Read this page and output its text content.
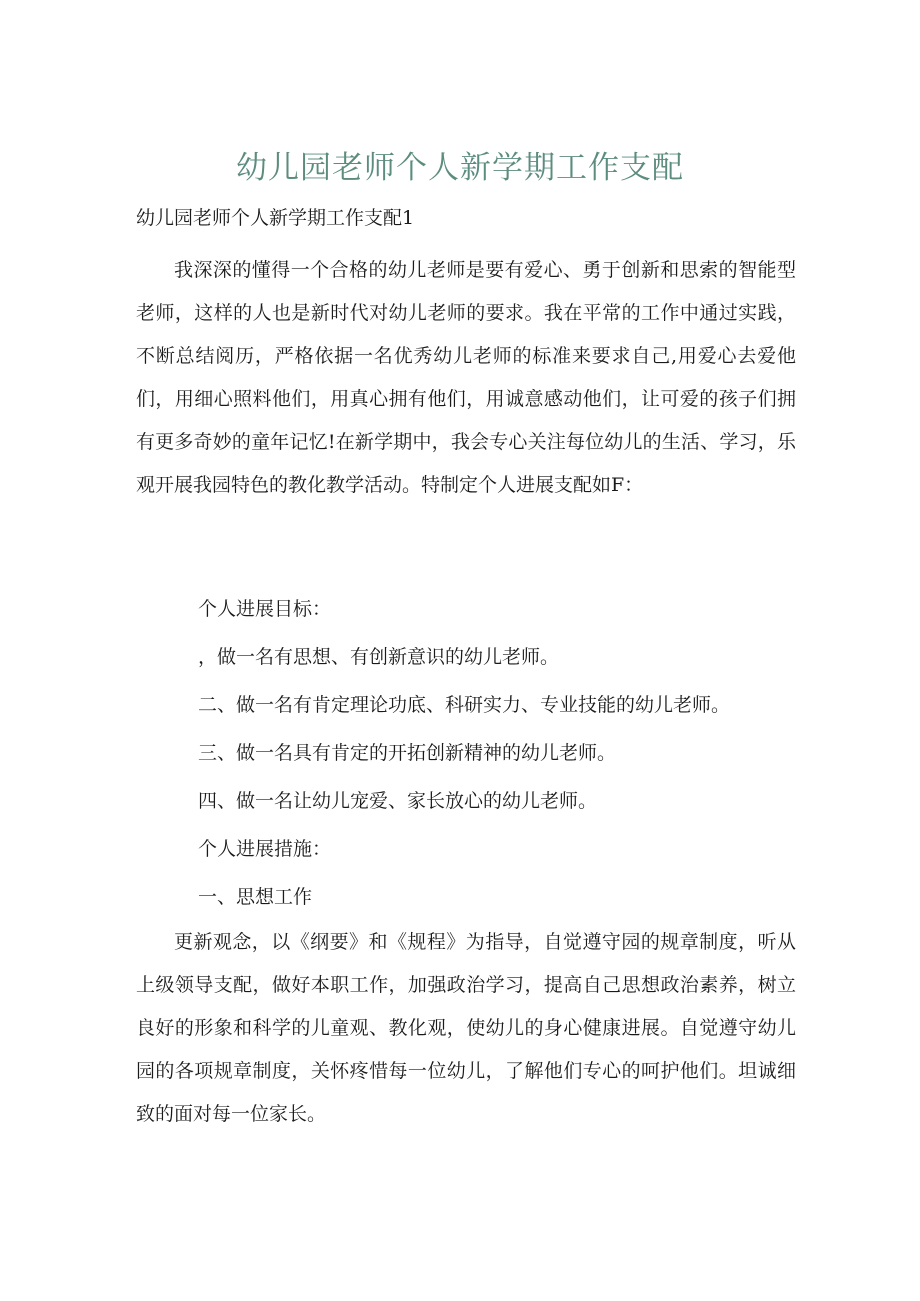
幼儿园老师个人新学期工作支配

幼儿园老师个人新学期工作支配1

我深深的懂得一个合格的幼儿老师是要有爱心、勇于创新和思索的智能型老师，这样的人也是新时代对幼儿老师的要求。我在平常的工作中通过实践，不断总结阅历，严格依据一名优秀幼儿老师的标准来要求自己,用爱心去爱他们，用细心照料他们，用真心拥有他们，用诚意感动他们，让可爱的孩子们拥有更多奇妙的童年记忆!在新学期中，我会专心关注每位幼儿的生活、学习，乐观开展我园特色的教化教学活动。特制定个人进展支配如F：

个人进展目标：

，做一名有思想、有创新意识的幼儿老师。

二、做一名有肯定理论功底、科研实力、专业技能的幼儿老师。

三、做一名具有肯定的开拓创新精神的幼儿老师。

四、做一名让幼儿宠爱、家长放心的幼儿老师。

个人进展措施：

一、思想工作

更新观念，以《纲要》和《规程》为指导，自觉遵守园的规章制度，听从上级领导支配，做好本职工作，加强政治学习，提高自己思想政治素养，树立良好的形象和科学的儿童观、教化观，使幼儿的身心健康进展。自觉遵守幼儿园的各项规章制度，关怀疼惜每一位幼儿，了解他们专心的呵护他们。坦诚细致的面对每一位家长。
